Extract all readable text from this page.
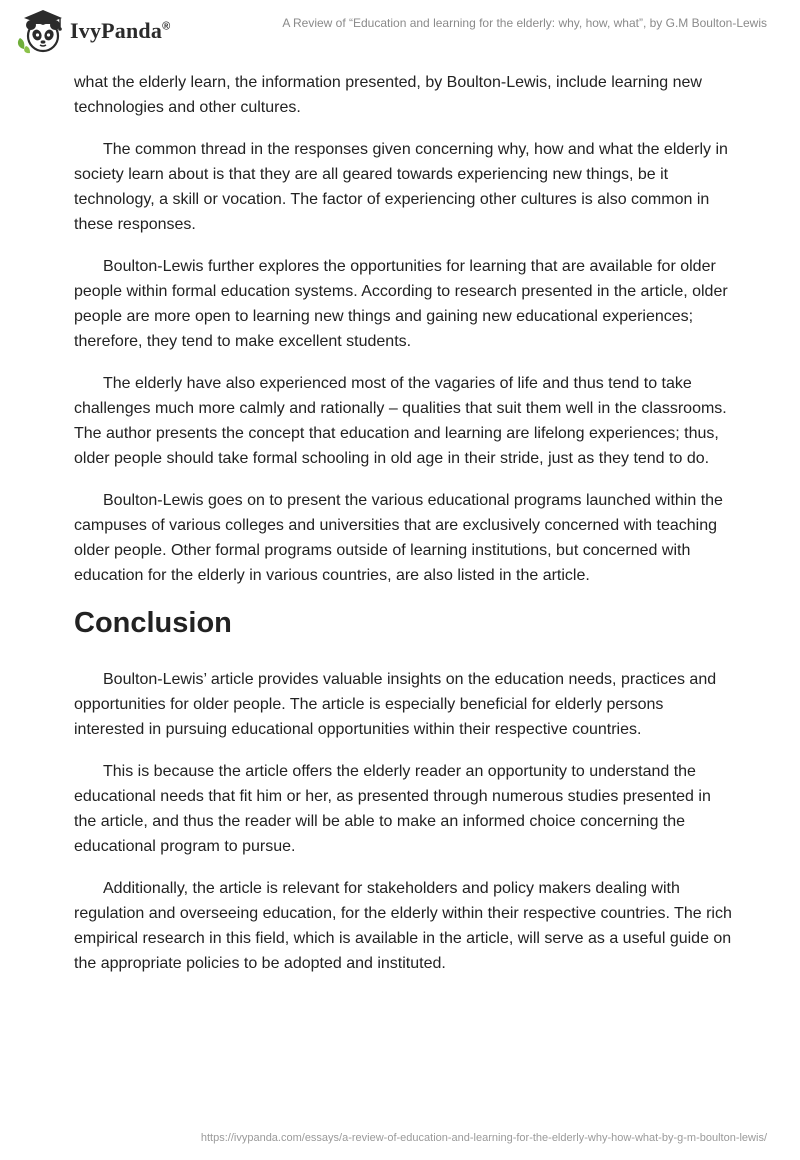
IvyPanda®	A Review of “Education and learning for the elderly: why, how, what”, by G.M Boulton-Lewis

what the elderly learn, the information presented, by Boulton-Lewis, include learning new technologies and other cultures.

The common thread in the responses given concerning why, how and what the elderly in society learn about is that they are all geared towards experiencing new things, be it technology, a skill or vocation. The factor of experiencing other cultures is also common in these responses.

Boulton-Lewis further explores the opportunities for learning that are available for older people within formal education systems. According to research presented in the article, older people are more open to learning new things and gaining new educational experiences; therefore, they tend to make excellent students.

The elderly have also experienced most of the vagaries of life and thus tend to take challenges much more calmly and rationally – qualities that suit them well in the classrooms. The author presents the concept that education and learning are lifelong experiences; thus, older people should take formal schooling in old age in their stride, just as they tend to do.

Boulton-Lewis goes on to present the various educational programs launched within the campuses of various colleges and universities that are exclusively concerned with teaching older people. Other formal programs outside of learning institutions, but concerned with education for the elderly in various countries, are also listed in the article.

Conclusion

Boulton-Lewis’ article provides valuable insights on the education needs, practices and opportunities for older people. The article is especially beneficial for elderly persons interested in pursuing educational opportunities within their respective countries.

This is because the article offers the elderly reader an opportunity to understand the educational needs that fit him or her, as presented through numerous studies presented in the article, and thus the reader will be able to make an informed choice concerning the educational program to pursue.

Additionally, the article is relevant for stakeholders and policy makers dealing with regulation and overseeing education, for the elderly within their respective countries. The rich empirical research in this field, which is available in the article, will serve as a useful guide on the appropriate policies to be adopted and instituted.

https://ivypanda.com/essays/a-review-of-education-and-learning-for-the-elderly-why-how-what-by-g-m-boulton-lewis/
